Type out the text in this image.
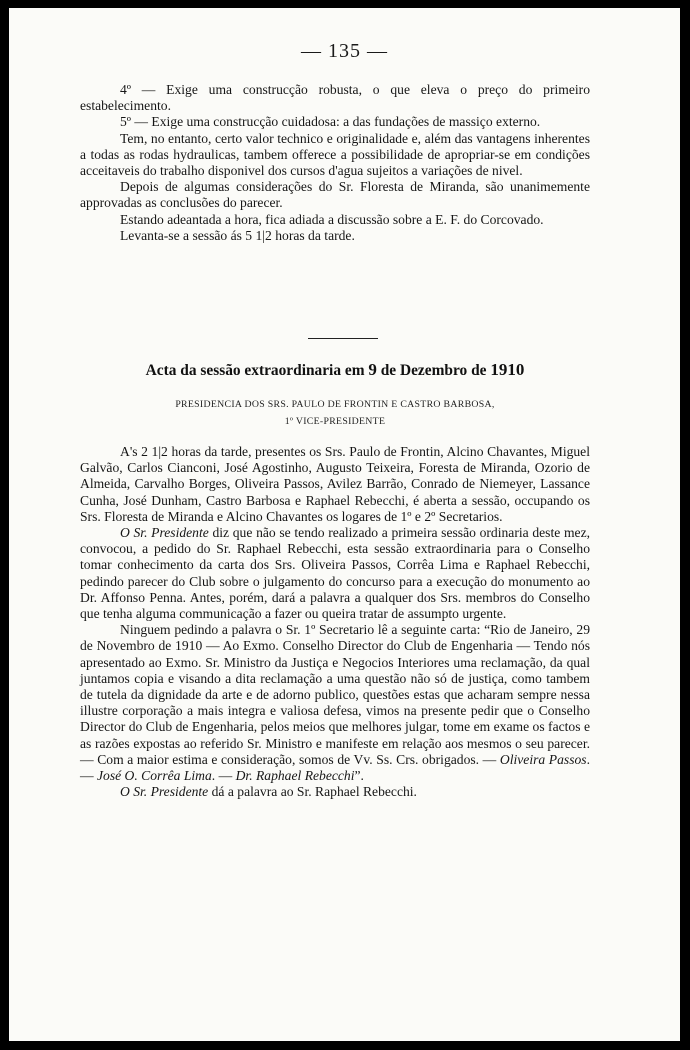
— 135 —

4º — Exige uma construcção robusta, o que eleva o preço do primeiro estabelecimento.

5º — Exige uma construcção cuidadosa: a das fundações de massiço externo.

Tem, no entanto, certo valor technico e originalidade e, além das vantagens inherentes a todas as rodas hydraulicas, tambem offerece a possibilidade de apropriar-se em condições acceitaveis do trabalho disponivel dos cursos d'agua sujeitos a variações de nivel.

Depois de algumas considerações do Sr. Floresta de Miranda, são unanimemente approvadas as conclusões do parecer.

Estando adeantada a hora, fica adiada a discussão sobre a E. F. do Corcovado.

Levanta-se a sessão ás 5 1|2 horas da tarde.

Acta da sessão extraordinaria em 9 de Dezembro de 1910
PRESIDENCIA DOS SRS. PAULO DE FRONTIN E CASTRO BARBOSA,
1º VICE-PRESIDENTE

A's 2 1|2 horas da tarde, presentes os Srs. Paulo de Frontin, Alcino Chavantes, Miguel Galvão, Carlos Cianconi, José Agostinho, Augusto Teixeira, Foresta de Miranda, Ozorio de Almeida, Carvalho Borges, Oliveira Passos, Avilez Barrão, Conrado de Niemeyer, Lassance Cunha, José Dunham, Castro Barbosa e Raphael Rebecchi, é aberta a sessão, occupando os Srs. Floresta de Miranda e Alcino Chavantes os logares de 1º e 2º Secretarios.

O Sr. Presidente diz que não se tendo realizado a primeira sessão ordinaria deste mez, convocou, a pedido do Sr. Raphael Rebecchi, esta sessão extraordinaria para o Conselho tomar conhecimento da carta dos Srs. Oliveira Passos, Corrêa Lima e Raphael Rebecchi, pedindo parecer do Club sobre o julgamento do concurso para a execução do monumento ao Dr. Affonso Penna. Antes, porém, dará a palavra a qualquer dos Srs. membros do Conselho que tenha alguma communicação a fazer ou queira tratar de assumpto urgente.

Ninguem pedindo a palavra o Sr. 1º Secretario lê a seguinte carta: “Rio de Janeiro, 29 de Novembro de 1910 — Ao Exmo. Conselho Director do Club de Engenharia — Tendo nós apresentado ao Exmo. Sr. Ministro da Justiça e Negocios Interiores uma reclamação, da qual juntamos copia e visando a dita reclamação a uma questão não só de justiça, como tambem de tutela da dignidade da arte e de adorno publico, questões estas que acharam sempre nessa illustre corporação a mais integra e valiosa defesa, vimos na presente pedir que o Conselho Director do Club de Engenharia, pelos meios que melhores julgar, tome em exame os factos e as razões expostas ao referido Sr. Ministro e manifeste em relação aos mesmos o seu parecer. — Com a maior estima e consideração, somos de Vv. Ss. Crs. obrigados. — Oliveira Passos. — José O. Corrêa Lima. — Dr. Raphael Rebecchi”.

O Sr. Presidente dá a palavra ao Sr. Raphael Rebecchi.
